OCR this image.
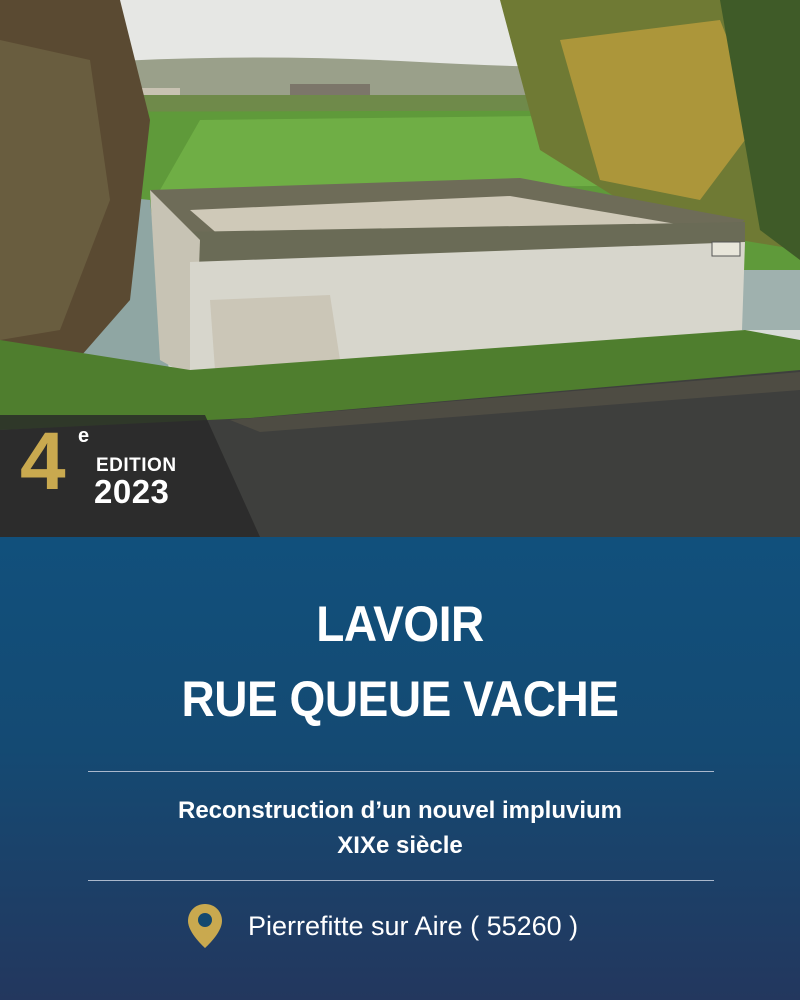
4 e
EDITION
2023
LAVOIR
RUE QUEUE VACHE
Reconstruction d’un nouvel impluvium
XIXe siècle
Pierrefitte sur Aire ( 55260 )
